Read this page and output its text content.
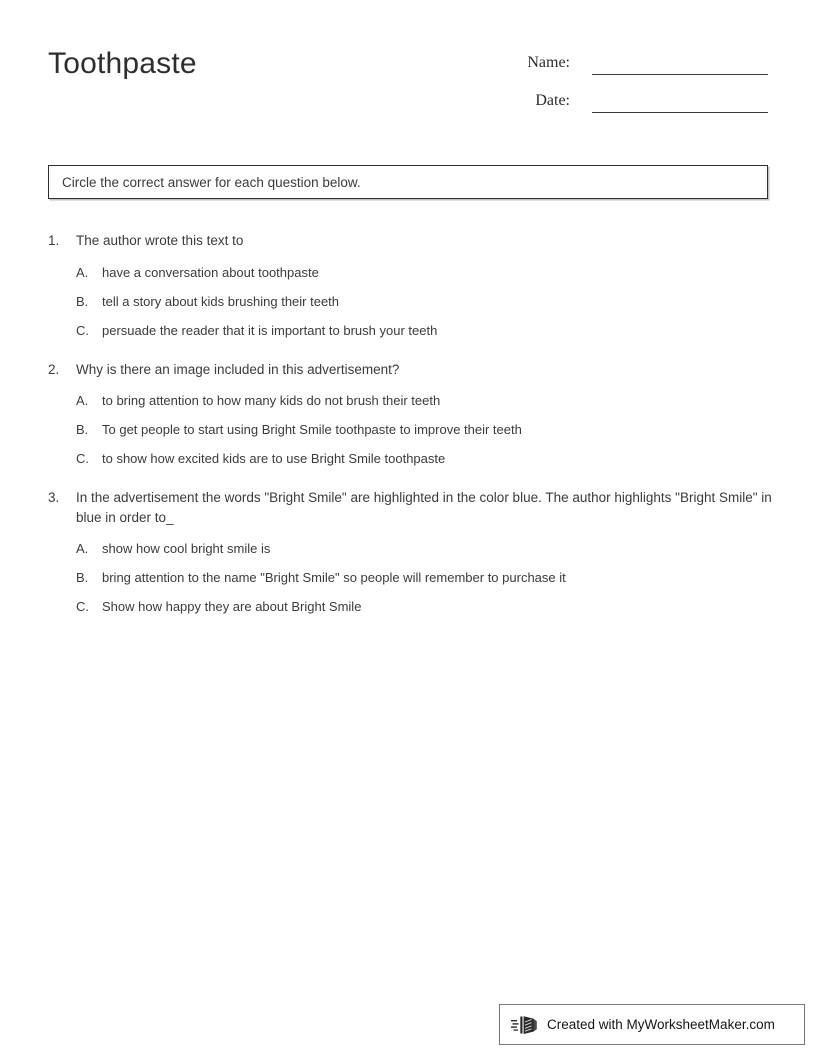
Toothpaste	Name:
Date:
Circle the correct answer for each question below.
1. The author wrote this text to
A. have a conversation about toothpaste
B. tell a story about kids brushing their teeth
C. persuade the reader that it is important to brush your teeth
2. Why is there an image included in this advertisement?
A. to bring attention to how many kids do not brush their teeth
B. To get people to start using Bright Smile toothpaste to improve their teeth
C. to show how excited kids are to use Bright Smile toothpaste
3. In the advertisement the words "Bright Smile" are highlighted in the color blue. The author highlights "Bright Smile" in blue in order to_
A. show how cool bright smile is
B. bring attention to the name "Bright Smile" so people will remember to purchase it
C. Show how happy they are about Bright Smile
Created with MyWorksheetMaker.com
